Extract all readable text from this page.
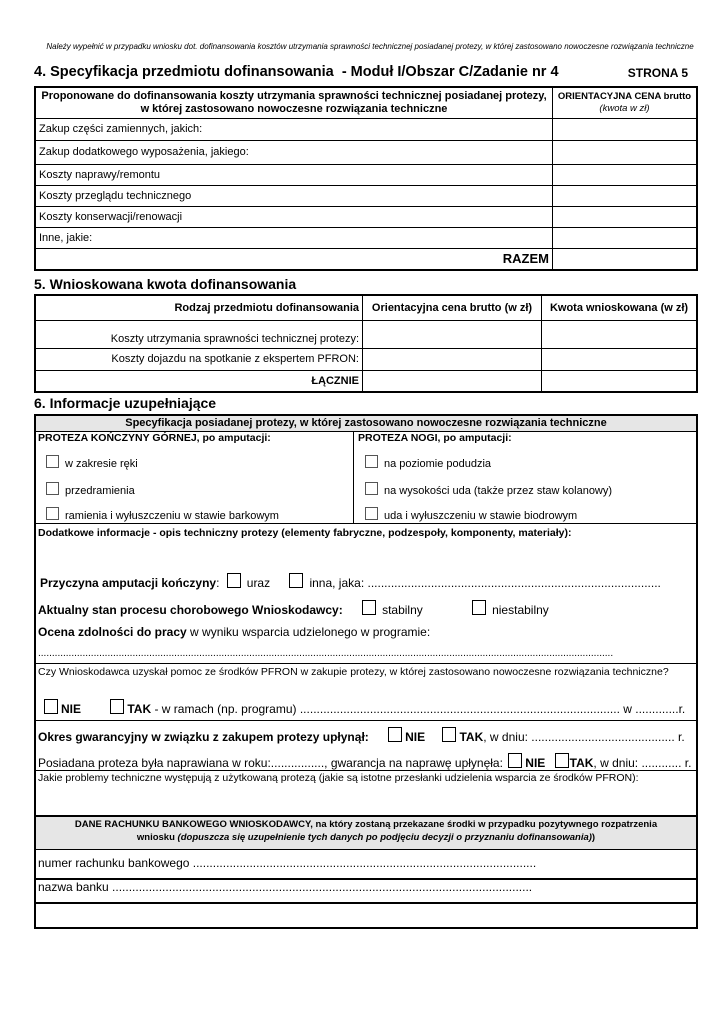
Należy wypełnić w przypadku wniosku dot. dofinansowania kosztów utrzymania sprawności technicznej posiadanej protezy, w której zastosowano nowoczesne rozwiązania techniczne
4. Specyfikacja przedmiotu dofinansowania - Moduł I/Obszar C/Zadanie nr 4	STRONA 5
Proponowane do dofinansowania koszty utrzymania sprawności technicznej posiadanej protezy, w której zastosowano nowoczesne rozwiązania techniczne	ORIENTACYJNA CENA brutto
(kwota w zł)

Zakup części zamiennych, jakich:	
Zakup dodatkowego wyposażenia, jakiego:	
Koszty naprawy/remontu	
Koszty przeglądu technicznego	
Koszty konserwacji/renowacji	
Inne, jakie:	
RAZEM	
5. Wnioskowana kwota dofinansowania
Rodzaj przedmiotu dofinansowania	Orientacyjna cena brutto (w zł)	Kwota wnioskowana (w zł)
Koszty utrzymania sprawności technicznej protezy:		
Koszty dojazdu na spotkanie z ekspertem PFRON:		
ŁĄCZNIE		
6. Informacje uzupełniające
Specyfikacja posiadanej protezy, w której zastosowano nowoczesne rozwiązania techniczne
PROTEZA KOŃCZYNY GÓRNEJ, po amputacji:	PROTEZA NOGI, po amputacji:
w zakresie ręki
przedramienia
ramienia i wyłuszczeniu w stawie barkowym
na poziomie podudzia
na wysokości uda (także przez staw kolanowy)
uda i wyłuszczeniu w stawie biodrowym
Dodatkowe informacje - opis techniczny protezy (elementy fabryczne, podzespoły, komponenty, materiały):
Przyczyna amputacji kończyny: uraz	inna, jaka: ........................................................................................
Aktualny stan procesu chorobowego Wnioskodawcy:	stabilny	niestabilny
Ocena zdolności do pracy w wyniku wsparcia udzielonego w programie:
...............................................................................................................................................................................................................
Czy Wnioskodawca uzyskał pomoc ze środków PFRON w zakupie protezy, w której zastosowano nowoczesne rozwiązania techniczne?
NIE	TAK - w ramach (np. programu) ................................................................................................ w .............r.
Okres gwarancyjny w związku z zakupem protezy upłynął:	NIE	TAK, w dniu: ........................................... r.
Posiadana proteza była naprawiana w roku:................, gwarancja na naprawę upłynęła: NIE TAK, w dniu: ............ r.
Jakie problemy techniczne występują z użytkowaną protezą (jakie są istotne przesłanki udzielenia wsparcia ze środków PFRON):
DANE RACHUNKU BANKOWEGO WNIOSKODAWCY, na który zostaną przekazane środki w przypadku pozytywnego rozpatrzenia
wniosku (dopuszcza się uzupełnienie tych danych po podjęciu decyzji o przyznaniu dofinansowania))
numer rachunku bankowego .......................................................................................................
nazwa banku ..............................................................................................................................
